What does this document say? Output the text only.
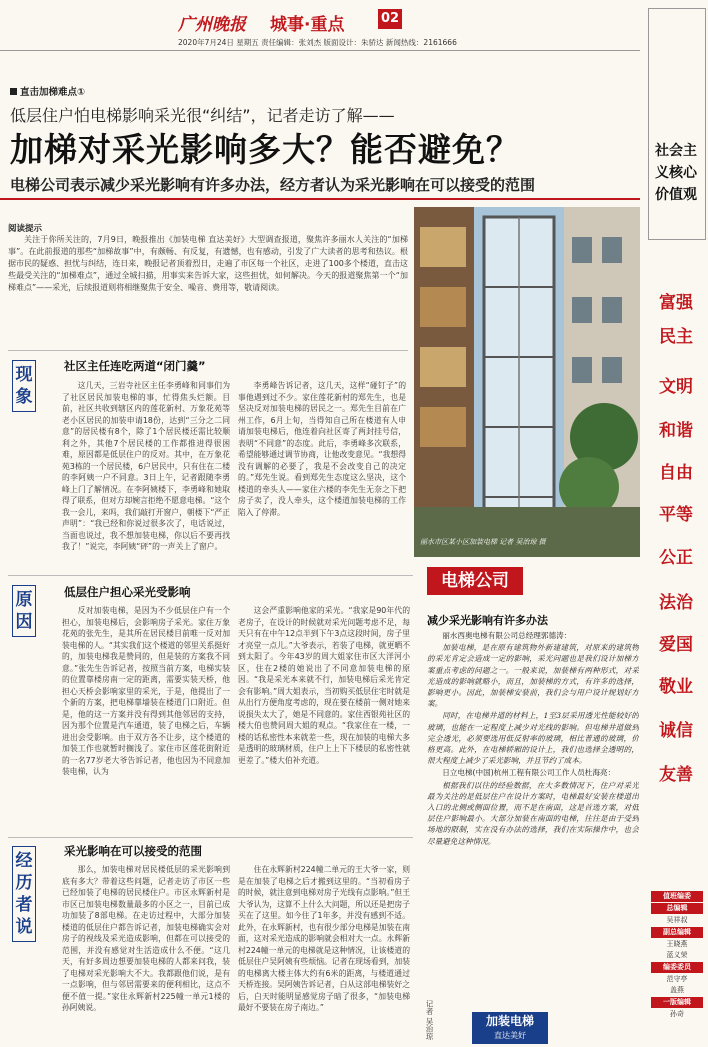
广州晚报 城事·重点	02
2020年7月24日 星期五 责任编辑：张刘杰 版面设计：朱骄达 新闻热线：2161666
直击加梯难点①
低层住户怕电梯影响采光很“纠结”，记者走访了解——
加梯对采光影响多大？能否避免？
电梯公司表示减少采光影响有许多办法，经方者认为采光影响在可以接受的范围
阅读提示
关注于你所关注的，7月9日，晚报推出《加装电梯 直达美好》大型调查报道，聚焦许多丽水人关注的“加梯事”。在此前报道的那些“加梯故事”中，有颇畅、有反复，有遗憾，也有感动，引发了广大读者的思考和热议。根据市民的疑惑、担忧与纠结，连日来，晚报记者顶着烈日，走遍了市区每一个社区，走进了100多个楼道，直击这些最受关注的“加梯难点”，通过全城扫描，用事实来告诉大家，这些担忧，如何解决。今天的报道聚焦第一个“加梯难点”——采光，后续报道则将相继聚焦于安全、噪音、费用等，敬请阅读。
丽水市区某小区加装电梯 记者 吴治琼 摄
现象
社区主任连吃两道“闭门羹”

这几天，三岩寺社区主任李勇峰和同事们为了社区居民加装电梯的事，忙得焦头烂额。目前，社区共收到辖区内的莲花新村、万象花苑等老小区居民的加装申请18份，达到“三分之二同意”的居民楼有8个，除了1个居民楼还需比较顺利之外，其他7个居民楼的工作都推进得很困难，原因都是低层住户的反对。其中，在万象花苑3栋的一个居民楼，6户居民中，只有住在二楼的李阿姨一户不同意。3日上午，记者跟随李勇峰上门了解情况。在李阿姨楼下，李勇峰和她取得了联系，但对方却婉言拒绝不愿意电梯。“这个我一会儿，来吗，我们敲打开窗户，朝楼下“严正声明”：“我已经和你说过很多次了，电话说过，当面也说过，我不想加装电梯，你以后不要再找我了！”说完，李阿姨“砰”的一声关上了窗户。

李勇峰告诉记者，这几天，这样“碰钉子”的事他遇到过不少。家住莲花新村的郑先生，也是坚决反对加装电梯的居民之一。郑先生目前在广州工作，6月上旬，当得知自己所在楼道有人申请加装电梯后，他连着向社区寄了两封挂号信，表明“不同意”的态度。此后，李勇峰多次联系，希望能够通过调节协商，让他改变意见。“我想得没有调解的必要了，我是不会改变自己的决定的。”郑先生说。看到郑先生态度这么坚决，这个楼道的牵头人——家住六楼的李先生无奈之下把房子卖了，没人牵头，这个楼道加装电梯的工作陷入了停滞。

原因
低层住户担心采光受影响

反对加装电梯，是因为不少低层住户有一个担心，加装电梯后，会影响房子采光。家住万象花苑的张先生，是其所在居民楼目前唯一反对加装电梯的人。“其实我们这个楼道的邻里关系挺好的，加装电梯我是赞同的，但是装的方案我不同意。”张先生告诉记者，按照当前方案，电梯实装的位置靠楼房南一定的距离，需要实装天桥，他担心天桥会影响家里的采光，于是，他提出了一个新的方案，把电梯靠墙装在楼道门口附近。但是，他的这一方案并没有得到其他邻居的支持，因为那个位置是汽车通道，装了电梯之后，车辆进出会受影响。由于双方各不让步，这个楼道的加装工作也就暂时搁浅了。家住市区莲花街附近的一名77岁老大爷告诉记者，他也因为不同意加装电梯，认为

这会严重影响他家的采光。“我家是90年代的老房子，在设计的时候就对采光问题考虑不足，每天只有在中午12点半到下午3点这段时间，房子里才亮堂一点儿。”大爷表示，若装了电梯，就更晒不到太阳了。今年43岁的周大姐家住市区大洋河小区，住在2楼的她说出了不同意加装电梯的原因。“我是采光本来就不行，加装电梯后采光肯定会有影响。”周大姐表示，当初购买低层住宅时就是从出行方便角度考虑的，现在要在楼前一侧对她来说损失太大了，她是不同意的。家住西银苑社区的楼大伯也赞同周大姐的观点。“我家住在一楼，一楼的话私密性本来就差一些，现在加装的电梯大多是透明的玻璃材质，住户上上下下楼层的私密性就更差了。”楼大伯补充道。

经历者说
采光影响在可以接受的范围

那么，加装电梯对居民楼低层的采光影响到底有多大？带着这些问题，记者走访了市区一些已经加装了电梯的居民楼住户。市区永辉新村是市区已加装电梯数量最多的小区之一，目前已成功加装了8部电梯。在走访过程中，大部分加装楼道的低层住户都告诉记者，加装电梯确实会对房子的视线及采光造成影响，但都在可以接受的范围，并没有感觉对生活造成什么不便。“这几天，有好多周边想要加装电梯的人都来问我，装了电梯对采光影响大不大。我都跟他们说，是有一点影响，但与邻居需要来的便利相比，这点不便不值一提。”家住永辉新村225幢一单元1楼的孙阿姨说。

住在永辉新村224幢二单元的王大爷一家，则是在加装了电梯之后才搬到这里的。“当初看房子的时候，就注意到电梯对房子光线有点影响。”但王大爷认为，这算不上什么大问题，所以还是把房子买在了这里。如今住了1年多，并没有感到不适。此外，在永辉新村，也有很少部分电梯是加装在南面，这对采光造成的影响就会相对大一点。永辉新村224幢一单元的电梯就是这种情况，让该楼道的低层住户吴阿姨有些烦恼。记者在现场看到，加装的电梯离大楼主体大约有6米的距离，与楼道通过天桥连接。吴阿姨告诉记者，白从这部电梯装好之后，白天时能明显感觉房子暗了很多，“加装电梯最好不要装在房子南边。”

电梯公司
减少采光影响有许多办法

丽水西奥电梯有限公司总经理郭德涛：

加装电梯，是在原有建筑物外新建建筑，对原来的建筑物的采光肯定会造成一定的影响，采光问题也是我们设计加梯方案重点考虑的问题之一。一般来说，加装梯有两种形式，对采光造成的影响就略小，而且，加装梯的方式，有许多的选择，影响更小。因此，加装梯安装前，我们会与用户设计规划好方案。

同时，在电梯井道的材料上，1至3层采用透光性能较好的玻璃，也能在一定程度上减少对光线的影响。但电梯井道做到完全透光，必须要选用低反射率的玻璃，相比普通的玻璃，价格更高。此外，在电梯轿厢的设计上，我们也选择全透明的，很大程度上减少了采光影响，并且节约了成本。

日立电梯(中国)杭州工程有限公司工作人员杜海亮：

根据我们以往的经验数据，在大多数情况下，住户对采光最为关注的是低层住户在设计方案时，电梯最好安装在楼道出入口的北侧或侧面位置，而不是在南面，这是首选方案，对低层住户影响最小。大部分加装在南面的电梯，往往是由于受到场地的限制，实在没有办法的选择，我们在实际操作中，也会尽量避免这种情况。

记者 吴治琼	加装电梯
直达美好
社会主义核心价值观
富强
民主
文明
和谐
自由
平等
公正
法治
爱国
敬业
诚信
友善
值班编委
总编辑
吴祥叔
副总编辑
王晓燕
蓝义荣
编委委员
范守亭
盖燕
一版编辑
孙奇
